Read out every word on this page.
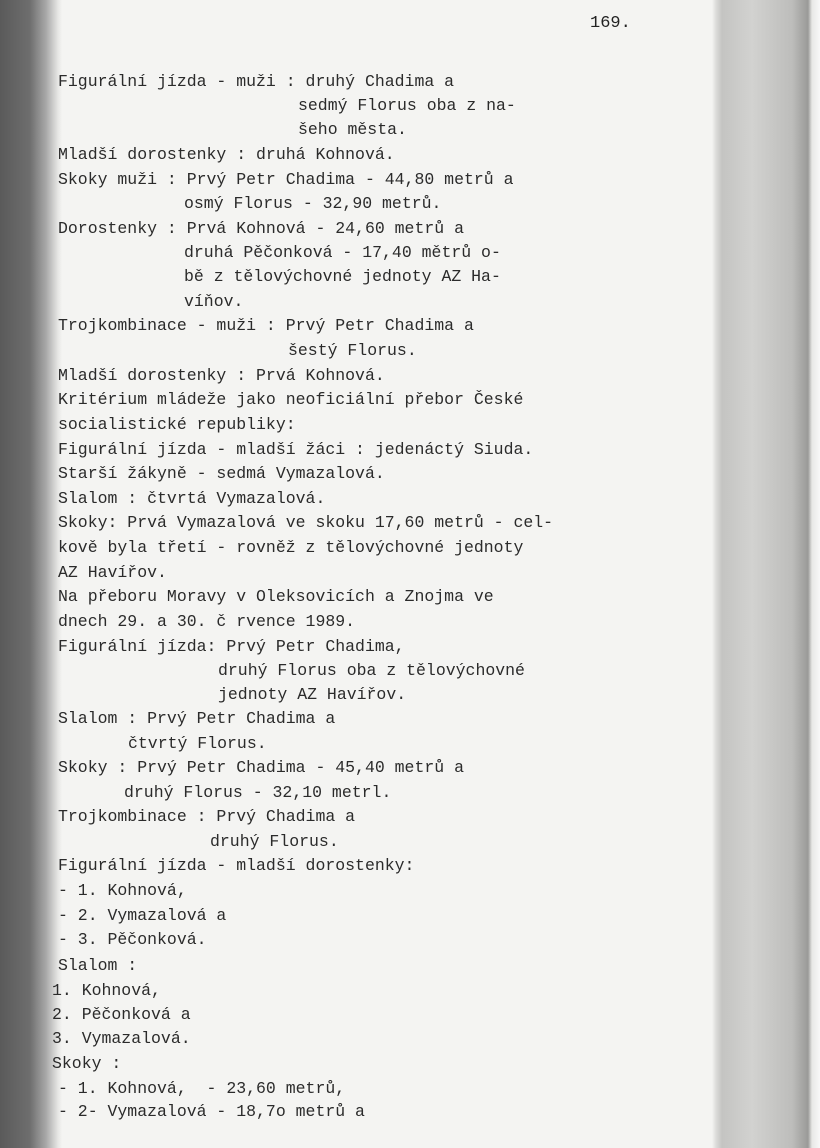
169.
Figurální jízda - muži : druhý Chadima a
sedmý Florus oba z na-
šeho města.
Mladší dorostenky : druhá Kohnová.
Skoky muži : Prvý Petr Chadima - 44,80 metrů a
osmý Florus - 32,90 metrů.
Dorostenky : Prvá Kohnová - 24,60 metrů a
druhá Pěčonková - 17,40 mětrů o-
bě z tělovýchovné jednoty AZ Ha-
víňov.
Trojkombinace - muži : Prvý Petr Chadima a
šestý Florus.
Mladší dorostenky : Prvá Kohnová.
Kritérium mládeže jako neoficiální přebor České
socialistické republiky:
Figurální jízda - mladší žáci : jedenáctý Siuda.
Starší žákyně - sedmá Vymazalová.
Slalom : čtvrtá Vymazalová.
Skoky: Prvá Vymazalová ve skoku 17,60 metrů - cel-
kově byla třetí - rovněž z tělovýchovné jednoty
AZ Havířov.
Na přeboru Moravy v Oleksovicích a Znojma ve
dnech 29. a 30. č rvence 1989.
Figurální jízda: Prvý Petr Chadima,
druhý Florus oba z tělovýchovné
jednoty AZ Havířov.
Slalom : Prvý Petr Chadima a
čtvrtý Florus.
Skoky : Prvý Petr Chadima - 45,40 metrů a
druhý Florus - 32,10 metrl.
Trojkombinace : Prvý Chadima a
druhý Florus.
Figurální jízda - mladší dorostenky:
- 1. Kohnová,
- 2. Vymazalová a
- 3. Pěčonková.
Slalom :
1. Kohnová,
2. Pěčonková a
3. Vymazalová.
Skoky :
- 1. Kohnová,  - 23,60 metrů,
- 2- Vymazalová - 18,7o metrů a
